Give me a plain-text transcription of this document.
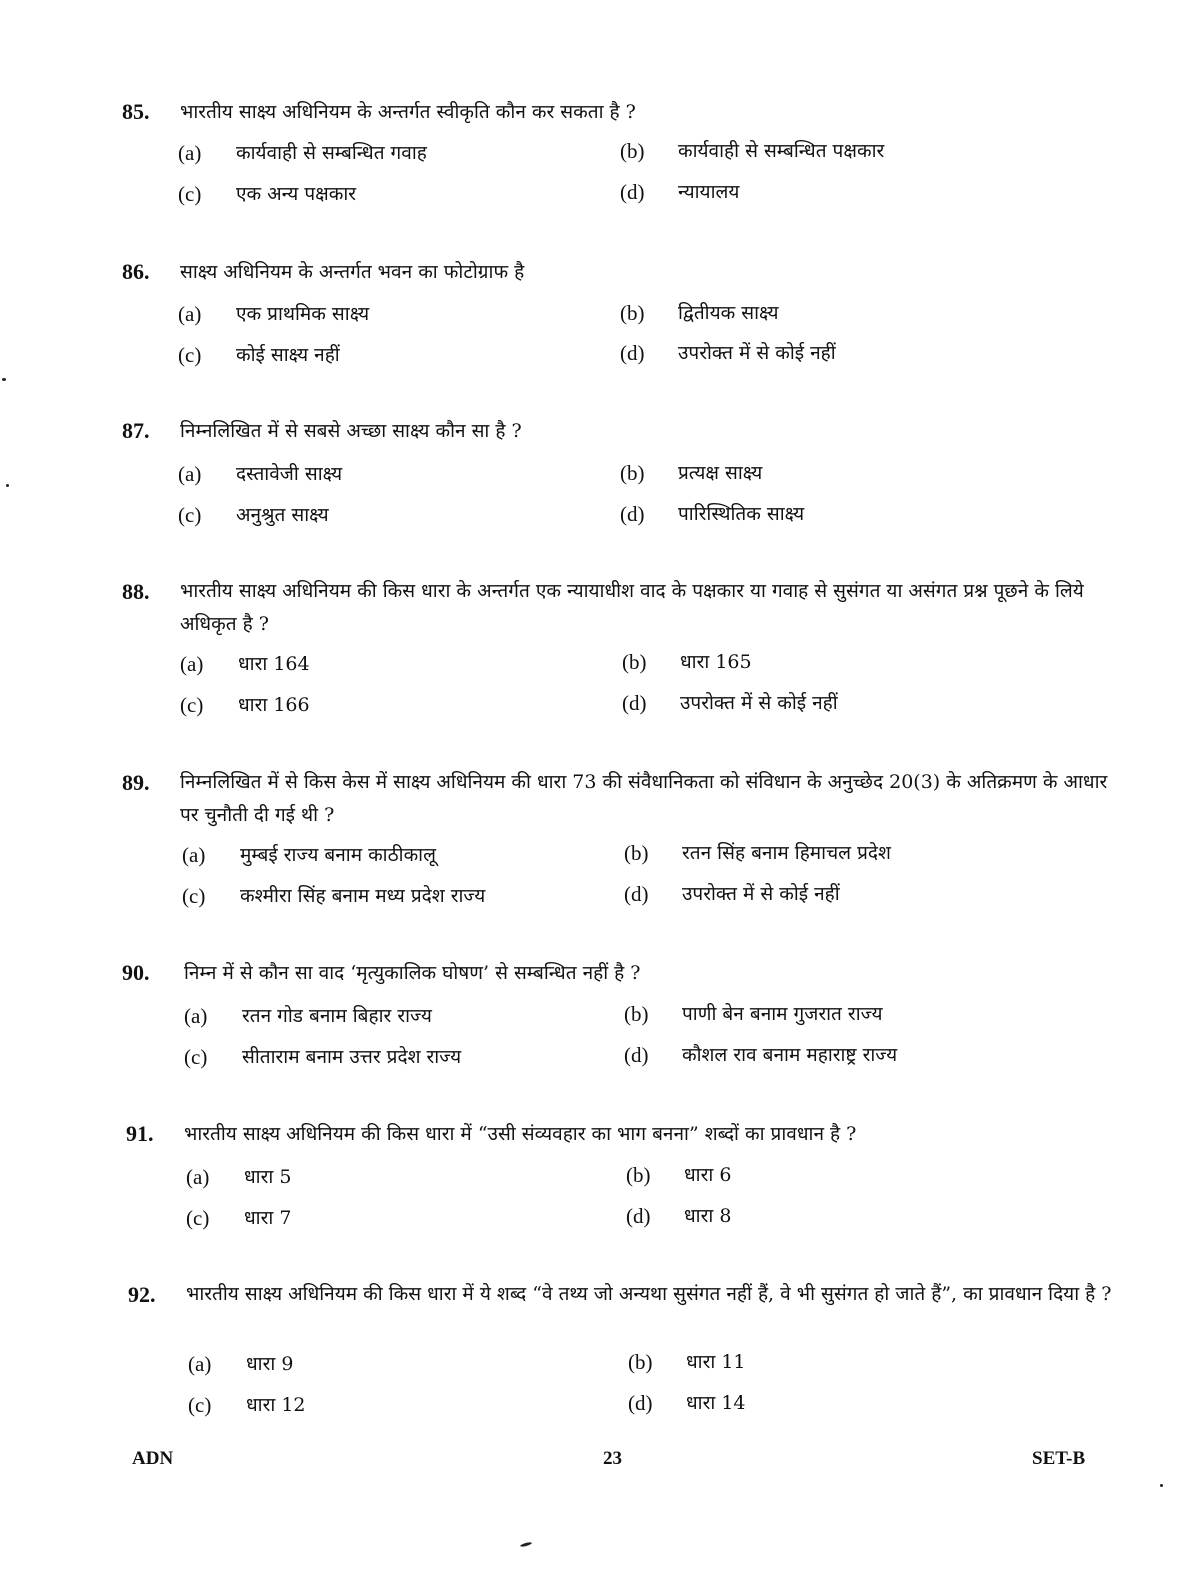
85. भारतीय साक्ष्य अधिनियम के अन्तर्गत स्वीकृति कौन कर सकता है ?
(a)	कार्यवाही से सम्बन्धित गवाह	(b)	कार्यवाही से सम्बन्धित पक्षकार
(c)	एक अन्य पक्षकार	(d)	न्यायालय
86. साक्ष्य अधिनियम के अन्तर्गत भवन का फोटोग्राफ है
(a)	एक प्राथमिक साक्ष्य	(b)	द्वितीयक साक्ष्य
(c)	कोई साक्ष्य नहीं	(d)	उपरोक्त में से कोई नहीं
87. निम्नलिखित में से सबसे अच्छा साक्ष्य कौन सा है ?
(a)	दस्तावेजी साक्ष्य	(b)	प्रत्यक्ष साक्ष्य
(c)	अनुश्रुत साक्ष्य	(d)	पारिस्थितिक साक्ष्य
88. भारतीय साक्ष्य अधिनियम की किस धारा के अन्तर्गत एक न्यायाधीश वाद के पक्षकार या गवाह से सुसंगत या असंगत प्रश्न पूछने के लिये अधिकृत है ?
(a)	धारा 164	(b)	धारा 165
(c)	धारा 166	(d)	उपरोक्त में से कोई नहीं
89. निम्नलिखित में से किस केस में साक्ष्य अधिनियम की धारा 73 की संवैधानिकता को संविधान के अनुच्छेद 20(3) के अतिक्रमण के आधार पर चुनौती दी गई थी ?
(a)	मुम्बई राज्य बनाम काठीकालू	(b)	रतन सिंह बनाम हिमाचल प्रदेश
(c)	कश्मीरा सिंह बनाम मध्य प्रदेश राज्य	(d)	उपरोक्त में से कोई नहीं
90. निम्न में से कौन सा वाद ‘मृत्युकालिक घोषण’ से सम्बन्धित नहीं है ?
(a)	रतन गोड बनाम बिहार राज्य	(b)	पाणी बेन बनाम गुजरात राज्य
(c)	सीताराम बनाम उत्तर प्रदेश राज्य	(d)	कौशल राव बनाम महाराष्ट्र राज्य
91. भारतीय साक्ष्य अधिनियम की किस धारा में “उसी संव्यवहार का भाग बनना” शब्दों का प्रावधान है ?
(a)	धारा 5	(b)	धारा 6
(c)	धारा 7	(d)	धारा 8
92. भारतीय साक्ष्य अधिनियम की किस धारा में ये शब्द “वे तथ्य जो अन्यथा सुसंगत नहीं हैं, वे भी सुसंगत हो जाते हैं”, का प्रावधान दिया है ?
(a)	धारा 9	(b)	धारा 11
(c)	धारा 12	(d)	धारा 14
ADN	23	SET-B
